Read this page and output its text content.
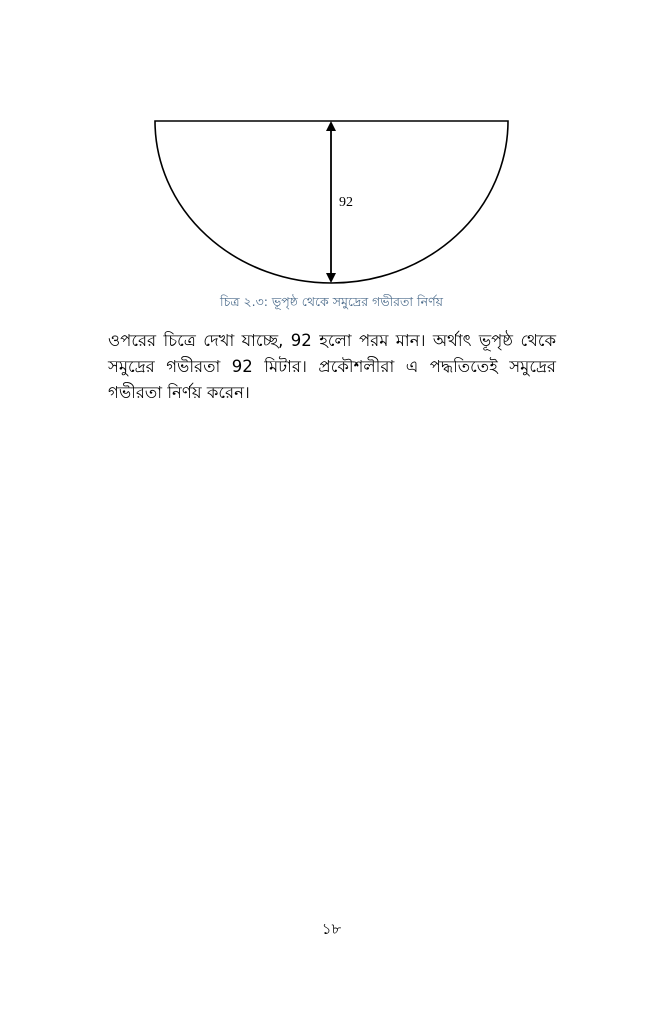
92
চিত্র ২.৩: ভূপৃষ্ঠ থেকে সমুদ্রের গভীরতা নির্ণয়
ওপরের চিত্রে দেখা যাচ্ছে, 92 হলো পরম মান। অর্থাৎ ভূপৃষ্ঠ থেকে সমুদ্রের গভীরতা 92 মিটার। প্রকৌশলীরা এ পদ্ধতিতেই সমুদ্রের গভীরতা নির্ণয় করেন।
১৮
